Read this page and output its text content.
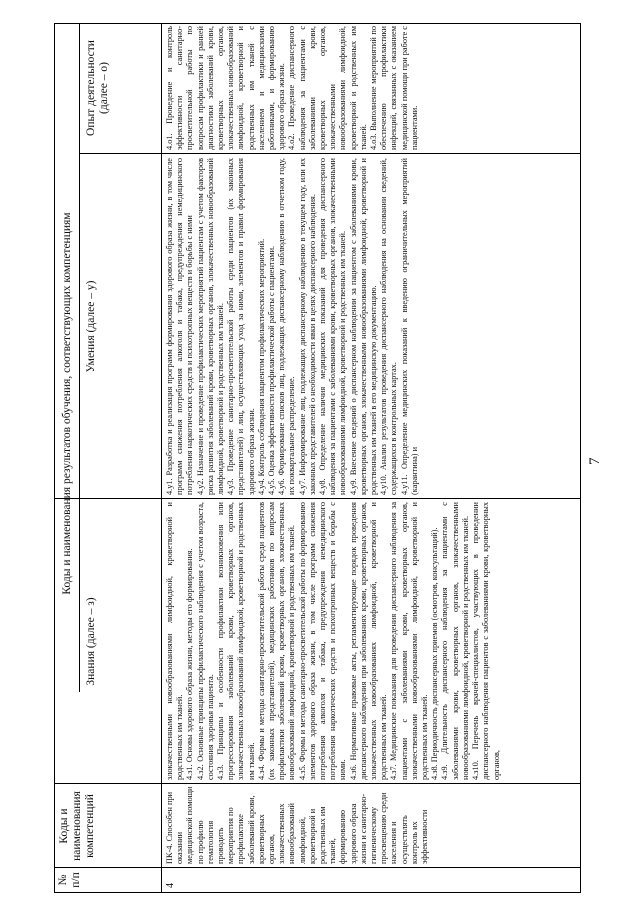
7
№ п/п
Коды и наименования компетенций
Коды и наименования результатов обучения, соответствующих компетенциям
Знания (далее – з)
Умения (далее – у)
Опыт деятельности (далее – о)
4

ПК-4. Способен при оказании медицинской помощи по профилю гематология проводить мероприятия по профилактике заболеваний крови, кроветворных органов, злокачественных новообразований лимфоидной, кроветворной и родственных им тканей, формированию здорового образа жизни и санитарно-гигиеническому просвещению среди населения и осуществлять контроль их эффективности

злокачественными новообразованиями лимфоидной, кроветворной и родственных им тканей. 4.з1. Основы здорового образа жизни, методы его формирования. 4.з2. Основные принципы профилактического наблюдения с учетом возраста, состояния здоровья пациента. 4.з3. Принципы и особенности профилактики возникновения или прогрессирования заболеваний крови, кроветворных органов, злокачественных новообразований лимфоидной, кроветворной и родственных им тканей. 4.з4. Формы и методы санитарно-просветительской работы среди пациентов (их законных представителей), медицинских работников по вопросам профилактики заболеваний крови, кроветворных органов, злокачественных новообразований лимфоидной, кроветворной и родственных им тканей. 4.з5. Формы и методы санитарно-просветительской работы по формированию элементов здорового образа жизни, в том числе программ снижения потребления алкоголя и табака, предупреждения немедицинского потребления наркотических средств и психотропных веществ и борьбы с ними. 4.з6. Нормативные правовые акты, регламентирующие порядок проведения диспансерного наблюдения при заболеваниях крови, кроветворных органов, злокачественных новообразованиях лимфоидной, кроветворной и родственных им тканей. 4.з7. Медицинские показания для проведения диспансерного наблюдения за пациентами с заболеваниями крови, кроветворных органов, злокачественными новообразованиями лимфоидной, кроветворной и родственных им тканей. 4.з8. Периодичность диспансерных приемов (осмотров, консультаций). 4.з9. Длительность диспансерного наблюдения за пациентами с заболеваниями крови, кроветворных органов, злокачественными новообразованиями лимфоидной, кроветворной и родственных им тканей. 4.з10. Перечень врачей-специалистов, участвующих в проведении диспансерного наблюдения пациентов с заболеваниями крови, кроветворных органов,

4.у1. Разработка и реализация программ формирования здорового образа жизни, в том числе программ снижения потребления алкоголя и табака, предупреждения немедицинского потребления наркотических средств и психотропных веществ и борьбы с ними 4.у2. Назначение и проведение профилактических мероприятий пациентам с учетом факторов риска развития заболеваний крови, кроветворных органов, злокачественных новообразований лимфоидной, кроветворной и родственных им тканей. 4.у3. Проведение санитарно-просветительской работы среди пациентов (их законных представителей) и лиц, осуществляющих уход за ними, элементов и правил формирования здорового образа жизни. 4.у4. Контроль соблюдения пациентом профилактических мероприятий. 4.у5. Оценка эффективности профилактической работы с пациентами. 4.у6. Формирование списков лиц, подлежащих диспансерному наблюдению в отчетном году, их поквартальное распределение. 4.у7. Информирование лиц, подлежащих диспансерному наблюдению в текущем году, или их законных представителей о необходимости явки в целях диспансерного наблюдения. 4.у8. Определение наличия медицинских показаний для проведения диспансерного наблюдения за пациентами с заболеваниями крови, кроветворных органов, злокачественными новообразованиями лимфоидной, кроветворной и родственных им тканей. 4.у9. Внесение сведений о диспансерном наблюдении за пациентом с заболеваниями крови, кроветворных органов, злокачественными новообразованиями лимфоидной, кроветворной и родственных им тканей в его медицинскую документацию. 4.у10. Анализ результатов проведения диспансерного наблюдения на основании сведений, содержащихся в контрольных картах. 4.у11. Определение медицинских показаний к введению ограничительных мероприятий (карантина) и

4.о1. Проведение и контроль эффективности санитарно-просветительной работы по вопросам профилактики и ранней диагностики заболеваний крови, кроветворных органов, злокачественных новообразований лимфоидной, кроветворной и родственных им тканей с населением и медицинскими работниками, и формированию здорового образа жизни. 4.о2. Проведение диспансерного наблюдения за пациентами с заболеваниями крови, кроветворных органов, злокачественными новообразованиями лимфоидной, кроветворной и родственных им тканей. 4.о3. Выполнение мероприятий по обеспечению профилактики инфекций, связанных с оказанием медицинской помощи при работе с пациентами.
